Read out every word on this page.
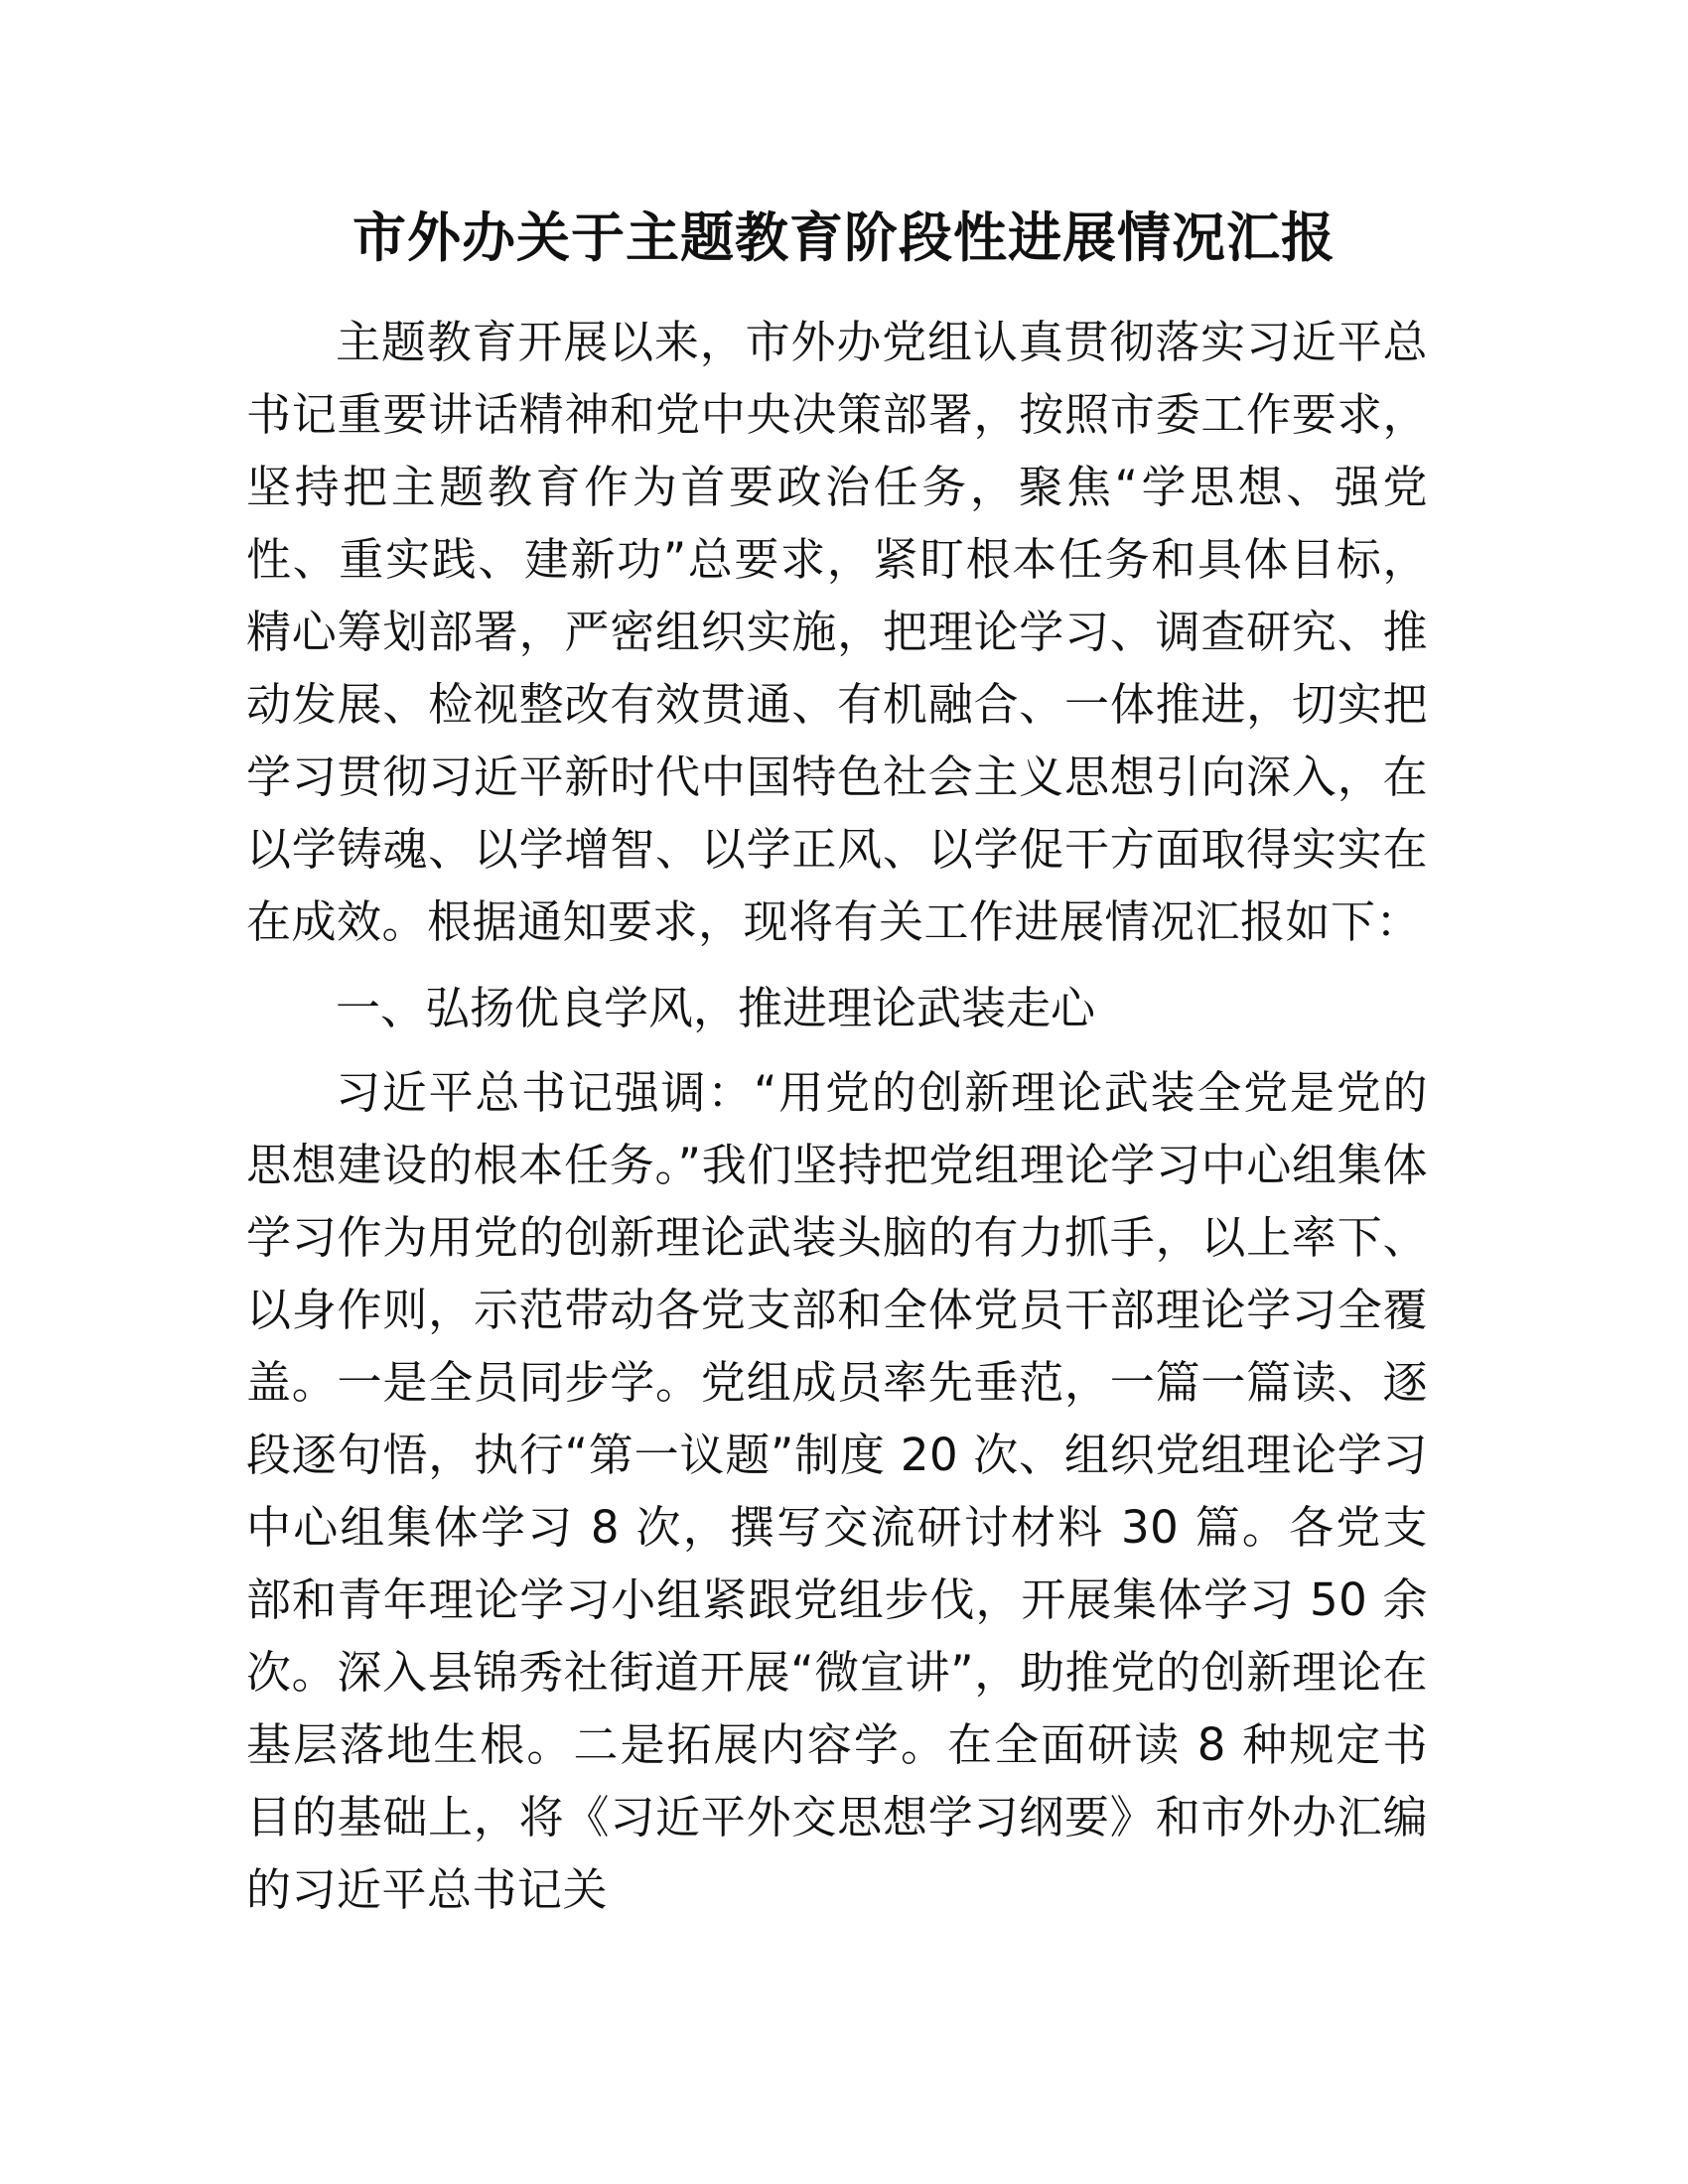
市外办关于主题教育阶段性进展情况汇报

主题教育开展以来，市外办党组认真贯彻落实习近平总书记重要讲话精神和党中央决策部署，按照市委工作要求，坚持把主题教育作为首要政治任务，聚焦“学思想、强党性、重实践、建新功”总要求，紧盯根本任务和具体目标，精心筹划部署，严密组织实施，把理论学习、调查研究、推动发展、检视整改有效贯通、有机融合、一体推进，切实把学习贯彻习近平新时代中国特色社会主义思想引向深入，在以学铸魂、以学增智、以学正风、以学促干方面取得实实在在成效。根据通知要求，现将有关工作进展情况汇报如下：

一、弘扬优良学风，推进理论武装走心

习近平总书记强调：“用党的创新理论武装全党是党的思想建设的根本任务。”我们坚持把党组理论学习中心组集体学习作为用党的创新理论武装头脑的有力抓手，以上率下、以身作则，示范带动各党支部和全体党员干部理论学习全覆盖。一是全员同步学。党组成员率先垂范，一篇一篇读、逐段逐句悟，执行“第一议题”制度 20 次、组织党组理论学习中心组集体学习 8 次，撰写交流研讨材料 30 篇。各党支部和青年理论学习小组紧跟党组步伐，开展集体学习 50 余次。深入县锦秀社街道开展“微宣讲”，助推党的创新理论在基层落地生根。二是拓展内容学。在全面研读 8 种规定书目的基础上，将《习近平外交思想学习纲要》和市外办汇编的习近平总书记关
